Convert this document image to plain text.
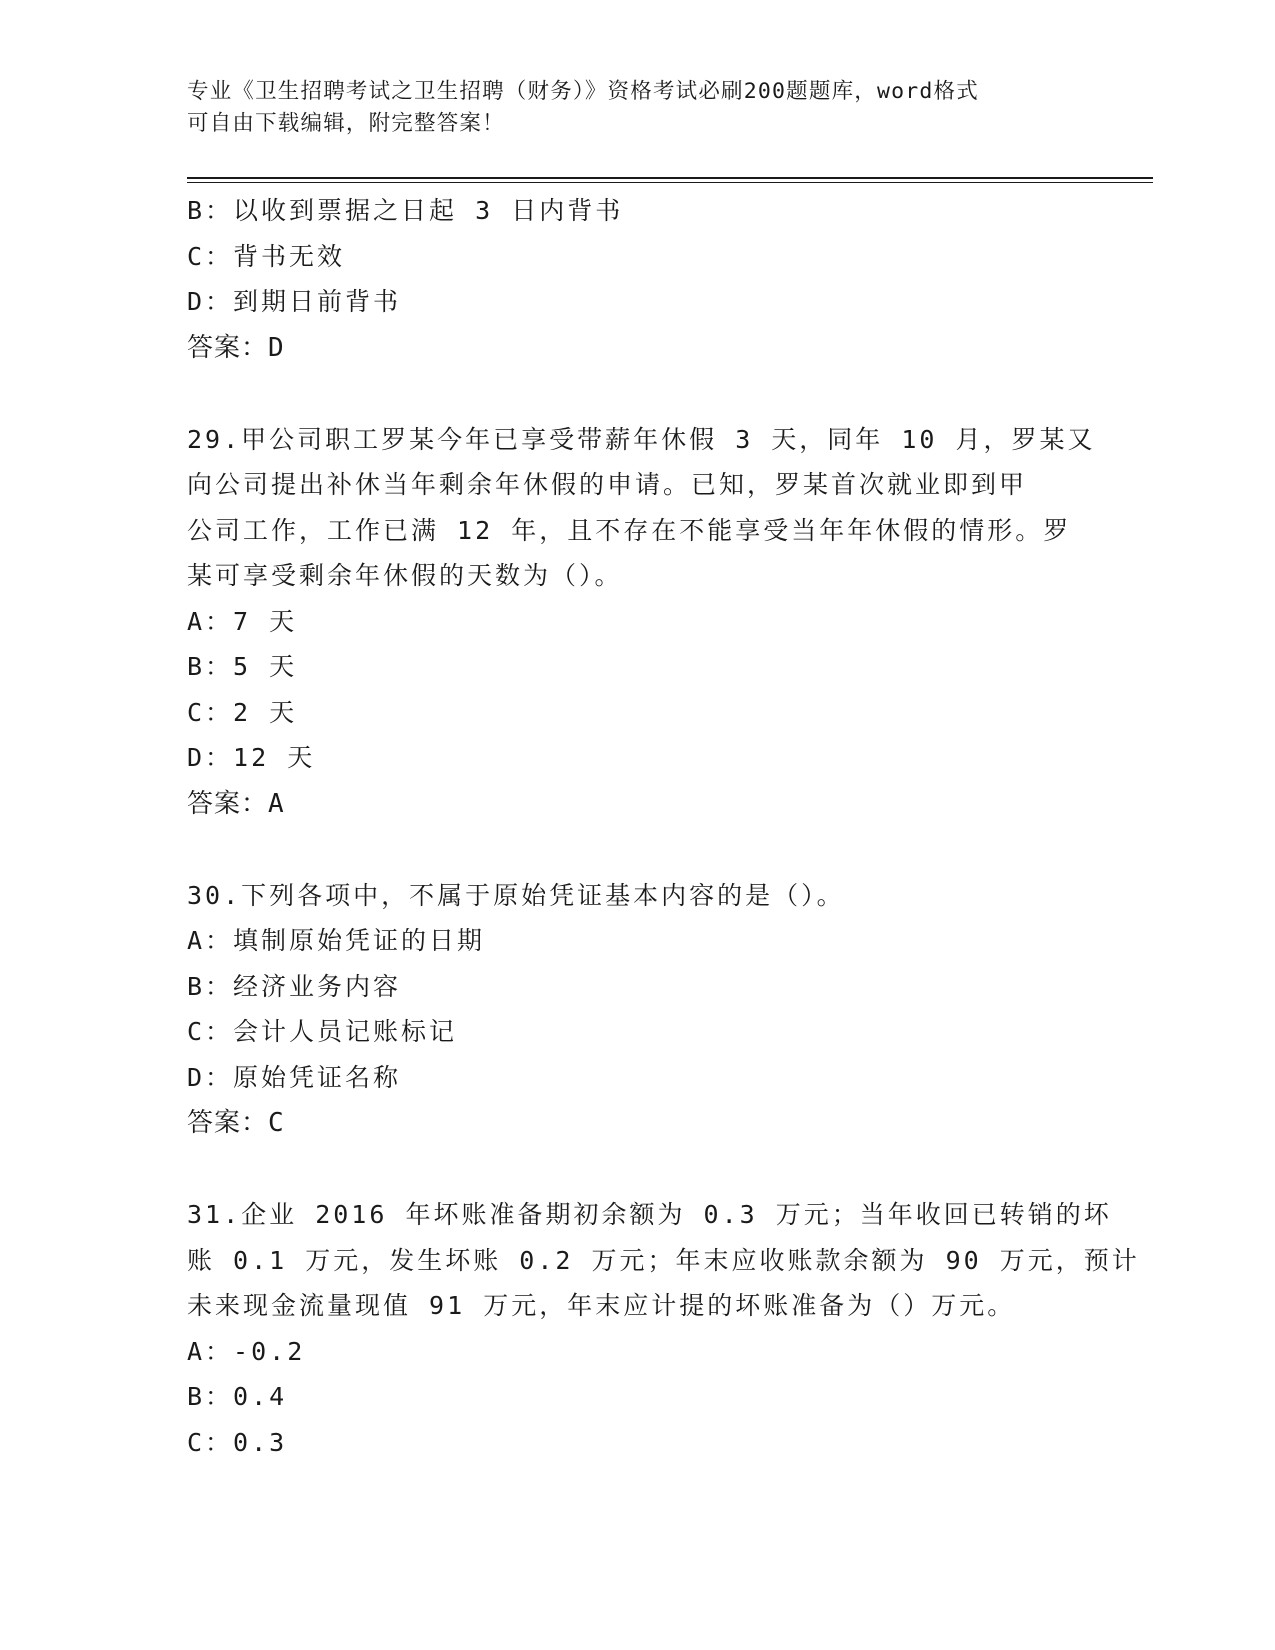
专业《卫生招聘考试之卫生招聘（财务）》资格考试必刷200题题库，word格式
可自由下载编辑，附完整答案！
B：以收到票据之日起 3 日内背书
C：背书无效
D：到期日前背书
答案：D
29.甲公司职工罗某今年已享受带薪年休假 3 天，同年 10 月，罗某又
向公司提出补休当年剩余年休假的申请。已知，罗某首次就业即到甲
公司工作，工作已满 12 年，且不存在不能享受当年年休假的情形。罗
某可享受剩余年休假的天数为（）。
A：7 天
B：5 天
C：2 天
D：12 天
答案：A
30.下列各项中，不属于原始凭证基本内容的是（）。
A：填制原始凭证的日期
B：经济业务内容
C：会计人员记账标记
D：原始凭证名称
答案：C
31.企业 2016 年坏账准备期初余额为 0.3 万元；当年收回已转销的坏
账 0.1 万元，发生坏账 0.2 万元；年末应收账款余额为 90 万元，预计
未来现金流量现值 91 万元，年末应计提的坏账准备为（）万元。
A：-0.2
B：0.4
C：0.3
